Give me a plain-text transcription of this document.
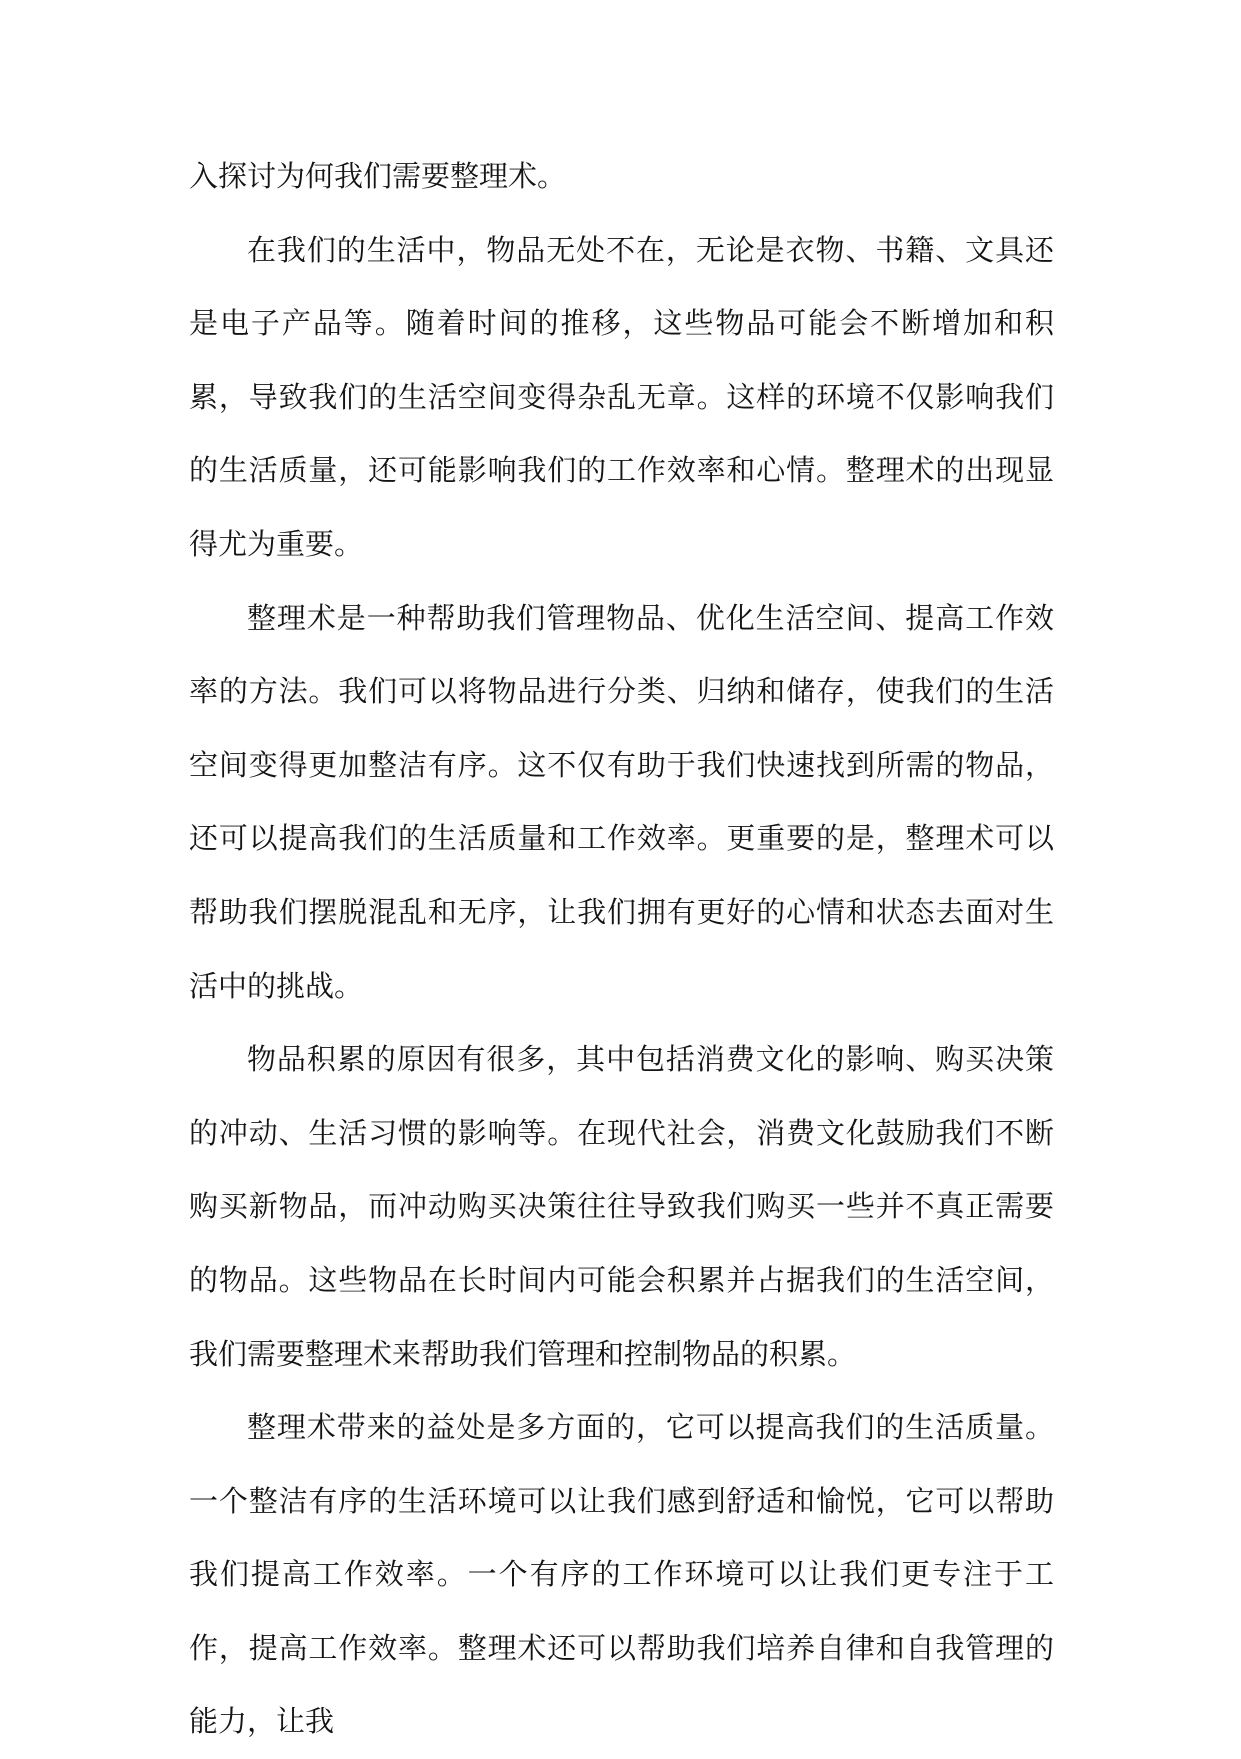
入探讨为何我们需要整理术。

在我们的生活中，物品无处不在，无论是衣物、书籍、文具还是电子产品等。随着时间的推移，这些物品可能会不断增加和积累，导致我们的生活空间变得杂乱无章。这样的环境不仅影响我们的生活质量，还可能影响我们的工作效率和心情。整理术的出现显得尤为重要。

整理术是一种帮助我们管理物品、优化生活空间、提高工作效率的方法。我们可以将物品进行分类、归纳和储存，使我们的生活空间变得更加整洁有序。这不仅有助于我们快速找到所需的物品，还可以提高我们的生活质量和工作效率。更重要的是，整理术可以帮助我们摆脱混乱和无序，让我们拥有更好的心情和状态去面对生活中的挑战。

物品积累的原因有很多，其中包括消费文化的影响、购买决策的冲动、生活习惯的影响等。在现代社会，消费文化鼓励我们不断购买新物品，而冲动购买决策往往导致我们购买一些并不真正需要的物品。这些物品在长时间内可能会积累并占据我们的生活空间，我们需要整理术来帮助我们管理和控制物品的积累。

整理术带来的益处是多方面的，它可以提高我们的生活质量。一个整洁有序的生活环境可以让我们感到舒适和愉悦，它可以帮助我们提高工作效率。一个有序的工作环境可以让我们更专注于工作，提高工作效率。整理术还可以帮助我们培养自律和自我管理的能力，让我
